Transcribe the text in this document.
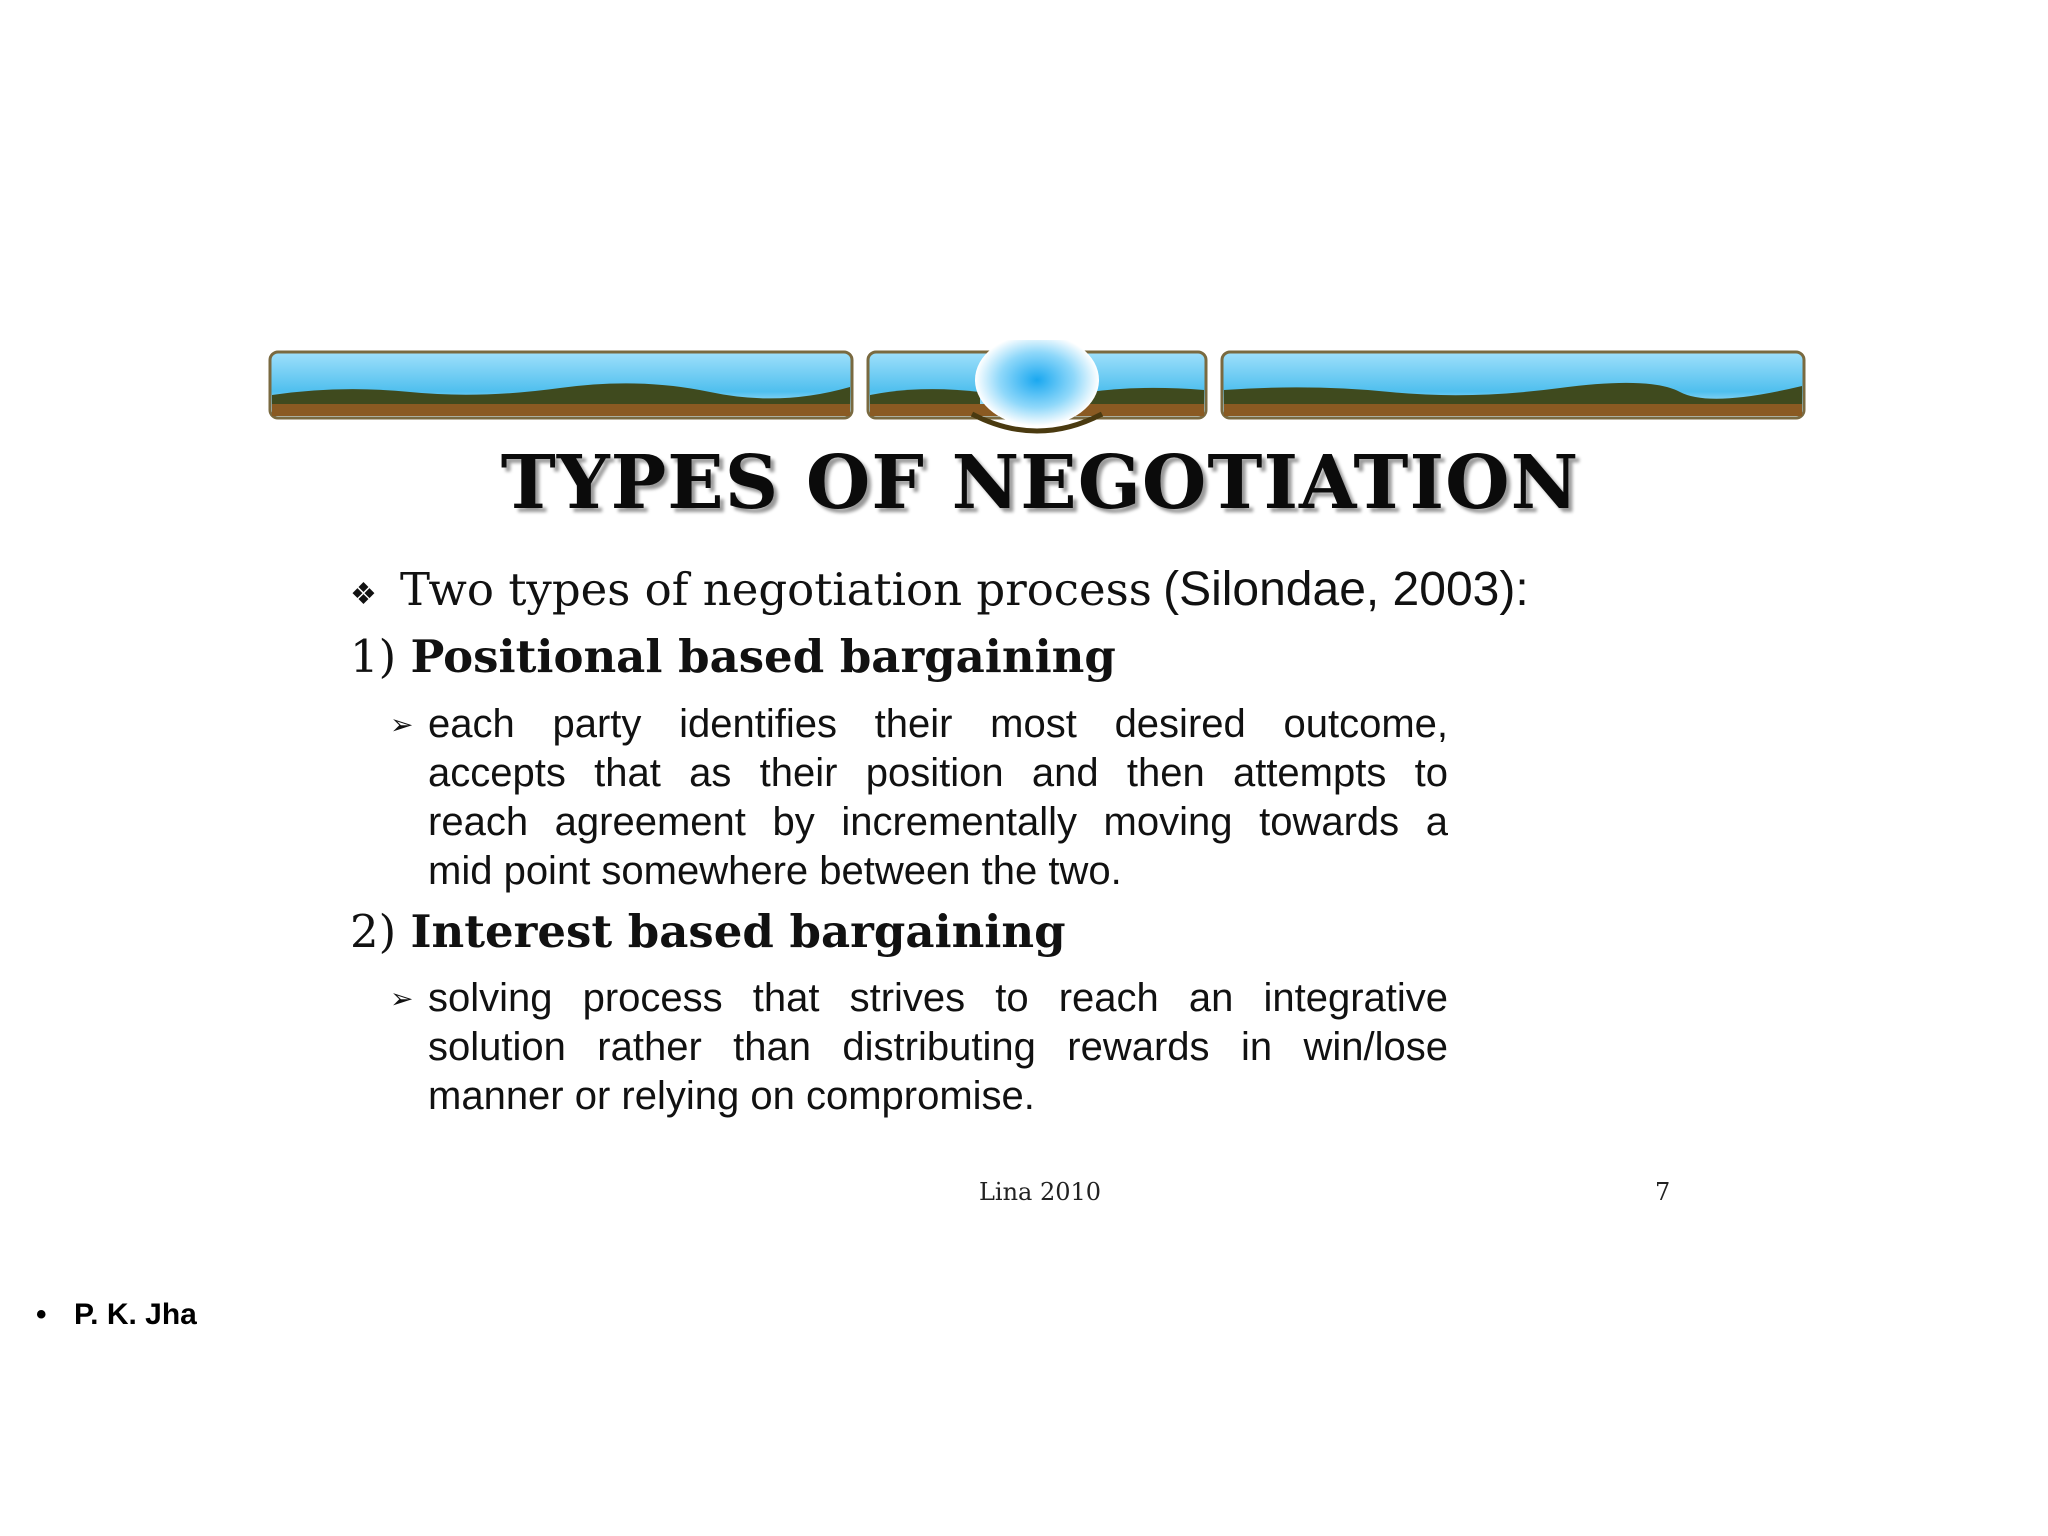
TYPES OF NEGOTIATION
❖ Two types of negotiation process (Silondae, 2003):
1) Positional based bargaining
➢ each party identifies their most desired outcome,
accepts that as their position and then attempts to
reach agreement by incrementally moving towards a
mid point somewhere between the two.
2) Interest based bargaining
➢ solving process that strives to reach an integrative
solution rather than distributing rewards in win/lose
manner or relying on compromise.
Lina 2010	7
• P. K. Jha
